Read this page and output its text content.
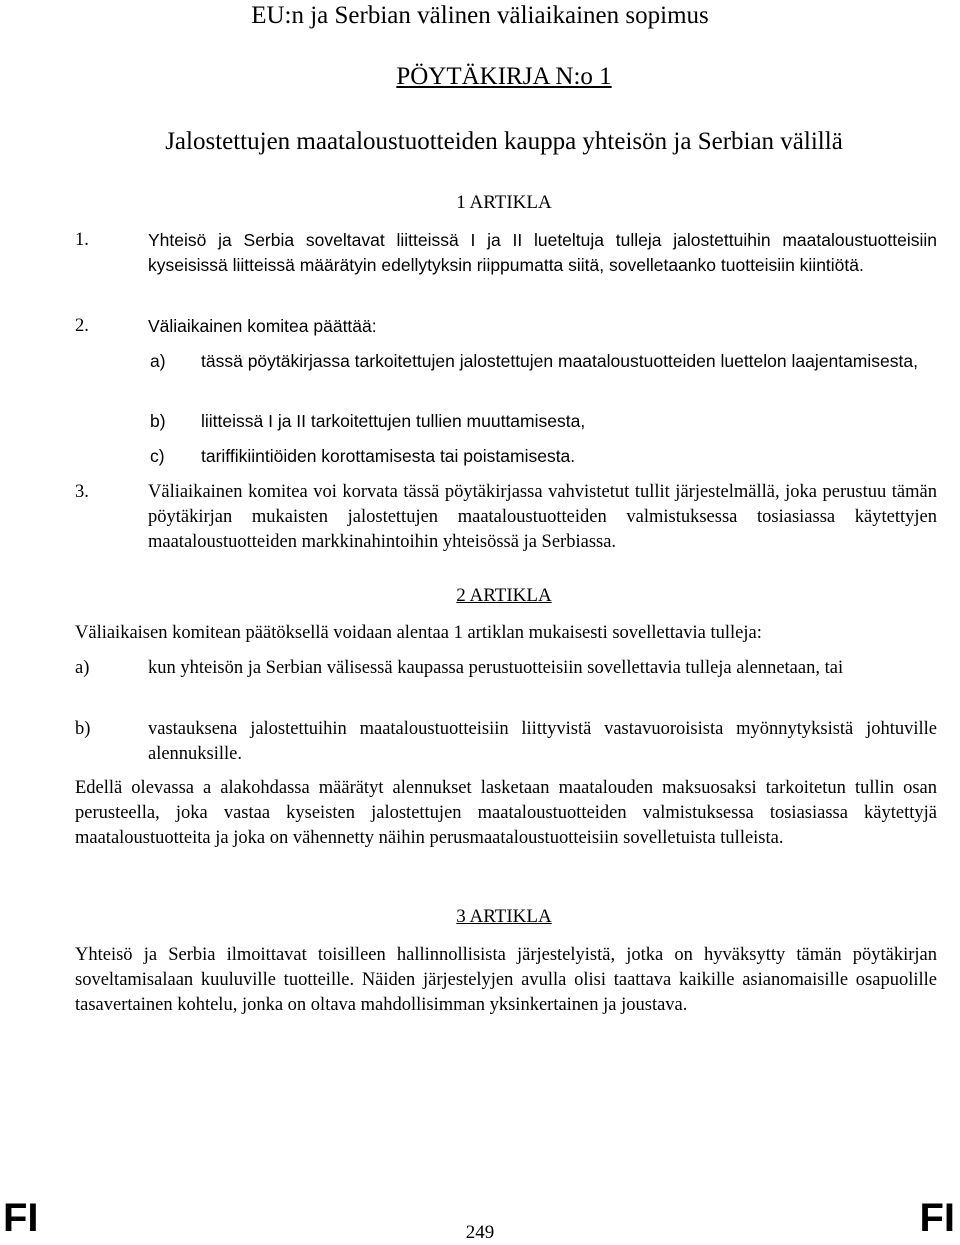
EU:n ja Serbian välinen väliaikainen sopimus
PÖYTÄKIRJA N:o 1
Jalostettujen maataloustuotteiden kauppa yhteisön ja Serbian välillä
1 ARTIKLA
1.	Yhteisö ja Serbia soveltavat liitteissä I ja II lueteltuja tulleja jalostettuihin maataloustuotteisiin kyseisissä liitteissä määrätyin edellytyksin riippumatta siitä, sovelletaanko tuotteisiin kiintiötä.
2.	Väliaikainen komitea päättää:
a) tässä pöytäkirjassa tarkoitettujen jalostettujen maataloustuotteiden luettelon laajentamisesta,
b) liitteissä I ja II tarkoitettujen tullien muuttamisesta,
c) tariffikiintiöiden korottamisesta tai poistamisesta.
3.	Väliaikainen komitea voi korvata tässä pöytäkirjassa vahvistetut tullit järjestelmällä, joka perustuu tämän pöytäkirjan mukaisten jalostettujen maataloustuotteiden valmistuksessa tosiasiassa käytettyjen maataloustuotteiden markkinahintoihin yhteisössä ja Serbiassa.
2 ARTIKLA
Väliaikaisen komitean päätöksellä voidaan alentaa 1 artiklan mukaisesti sovellettavia tulleja:
a)	kun yhteisön ja Serbian välisessä kaupassa perustuotteisiin sovellettavia tulleja alennetaan, tai
b)	vastauksena jalostettuihin maataloustuotteisiin liittyvistä vastavuoroisista myönnytyksistä johtuville alennuksille.
Edellä olevassa a alakohdassa määrätyt alennukset lasketaan maatalouden maksuosaksi tarkoitetun tullin osan perusteella, joka vastaa kyseisten jalostettujen maataloustuotteiden valmistuksessa tosiasiassa käytettyjä maataloustuotteita ja joka on vähennetty näihin perusmaataloustuotteisiin sovelletuista tulleista.
3 ARTIKLA
Yhteisö ja Serbia ilmoittavat toisilleen hallinnollisista järjestelyistä, jotka on hyväksytty tämän pöytäkirjan soveltamisalaan kuuluville tuotteille. Näiden järjestelyjen avulla olisi taattava kaikille asianomaisille osapuolille tasavertainen kohtelu, jonka on oltava mahdollisimman yksinkertainen ja joustava.
FI	249	FI
